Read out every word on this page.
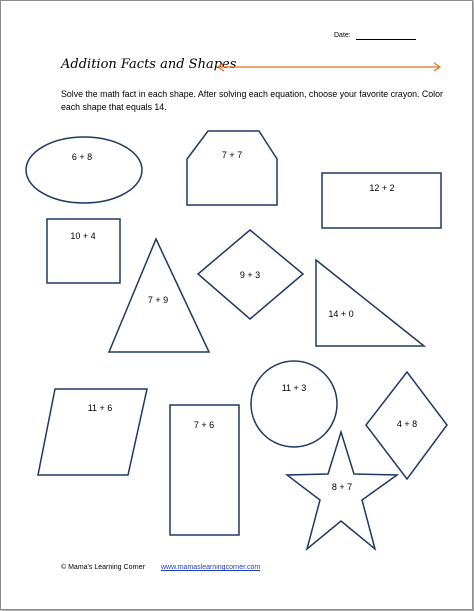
Date:
Addition Facts and Shapes
Solve the math fact in each shape. After solving each equation, choose your favorite crayon. Color each shape that equals 14.
6 + 8	7 + 7
12 + 2
10 + 4
7 + 9
9 + 3
14 + 0
11 + 6
7 + 6
11 + 3
4 + 8
8 + 7
© Mama's Learning Corner www.mamaslearningcorner.com
